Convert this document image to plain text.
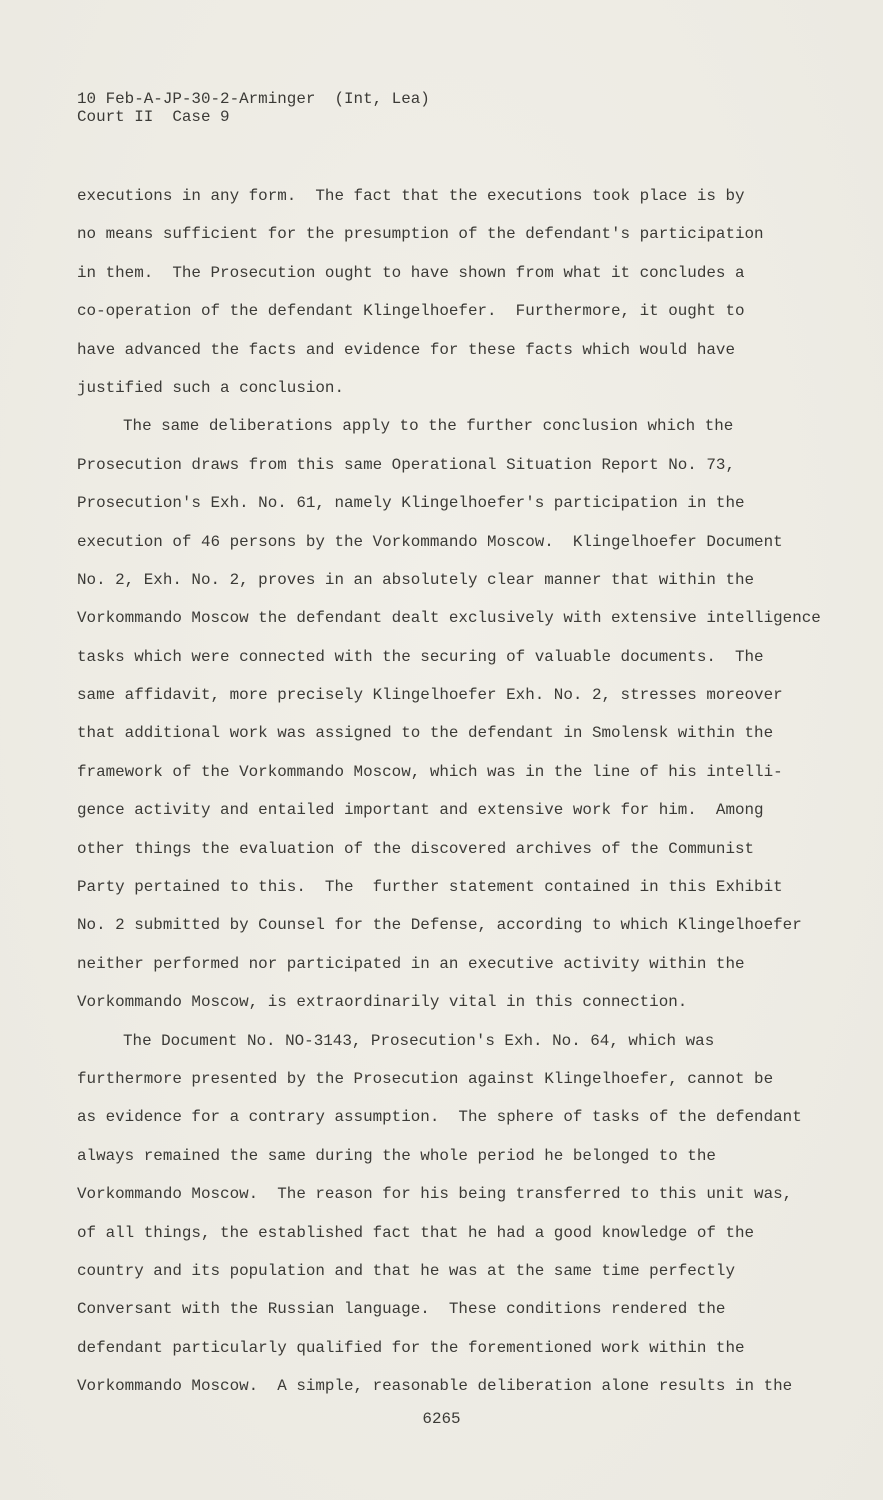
10 Feb-A-JP-30-2-Arminger  (Int, Lea)
Court II  Case 9
executions in any form.  The fact that the executions took place is by
no means sufficient for the presumption of the defendant's participation
in them.  The Prosecution ought to have shown from what it concludes a
co-operation of the defendant Klingelhoefer.  Furthermore, it ought to
have advanced the facts and evidence for these facts which would have
justified such a conclusion.
The same deliberations apply to the further conclusion which the
Prosecution draws from this same Operational Situation Report No. 73,
Prosecution's Exh. No. 61, namely Klingelhoefer's participation in the
execution of 46 persons by the Vorkommando Moscow.  Klingelhoefer Document
No. 2, Exh. No. 2, proves in an absolutely clear manner that within the
Vorkommando Moscow the defendant dealt exclusively with extensive intelligence
tasks which were connected with the securing of valuable documents.  The
same affidavit, more precisely Klingelhoefer Exh. No. 2, stresses moreover
that additional work was assigned to the defendant in Smolensk within the
framework of the Vorkommando Moscow, which was in the line of his intelli-
gence activity and entailed important and extensive work for him.  Among
other things the evaluation of the discovered archives of the Communist
Party pertained to this.  The  further statement contained in this Exhibit
No. 2 submitted by Counsel for the Defense, according to which Klingelhoefer
neither performed nor participated in an executive activity within the
Vorkommando Moscow, is extraordinarily vital in this connection.
The Document No. NO-3143, Prosecution's Exh. No. 64, which was
furthermore presented by the Prosecution against Klingelhoefer, cannot be
as evidence for a contrary assumption.  The sphere of tasks of the defendant
always remained the same during the whole period he belonged to the
Vorkommando Moscow.  The reason for his being transferred to this unit was,
of all things, the established fact that he had a good knowledge of the
country and its population and that he was at the same time perfectly
Conversant with the Russian language.  These conditions rendered the
defendant particularly qualified for the forementioned work within the
Vorkommando Moscow.  A simple, reasonable deliberation alone results in the
6265
